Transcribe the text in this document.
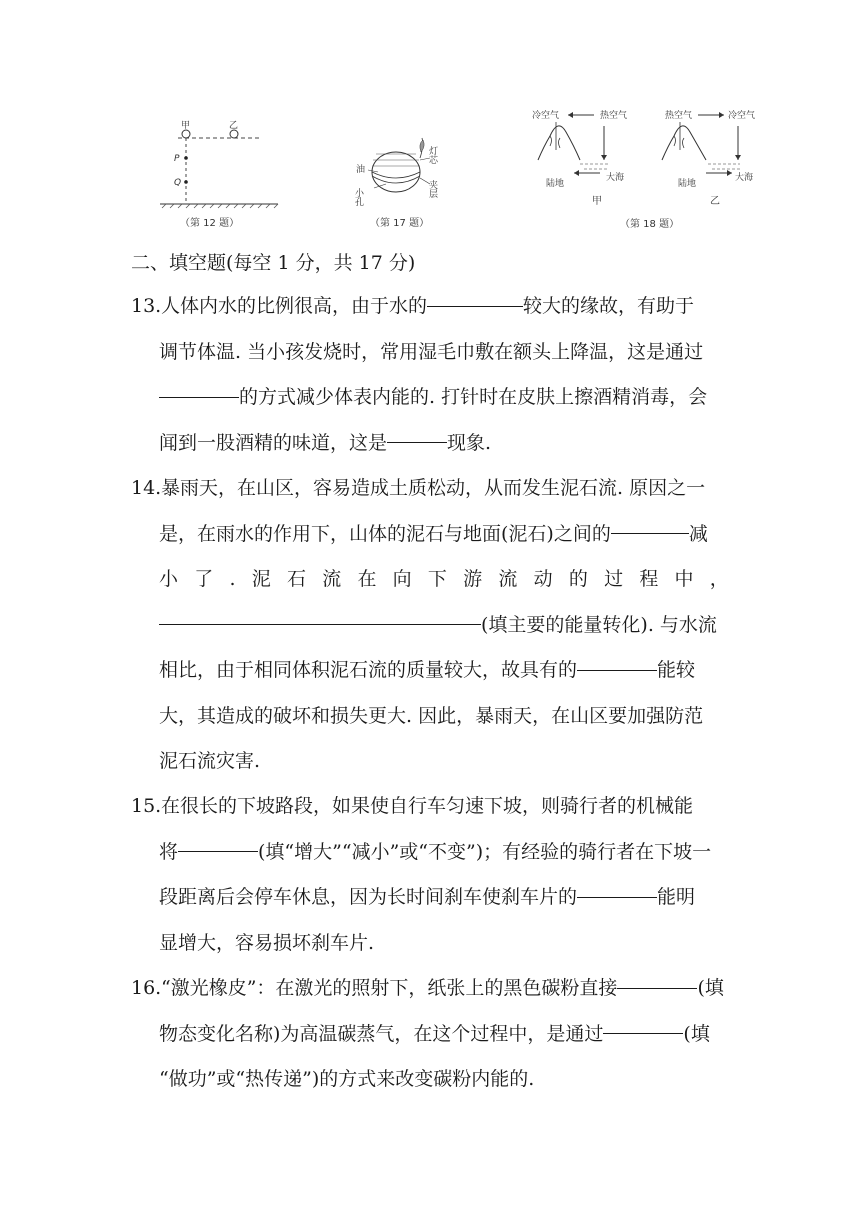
甲	乙
P
Q
（第 12 题）
油
小孔
灯芯
夹层
（第 17 题）
冷空气	热空气
陆地
大海
甲
热空气	冷空气
陆地
大海
乙
（第 18 题）
二、填空题(每空 1 分，共 17 分)
13. 人体内水的比例很高，由于水的	较大的缘故，有助于
调节体温. 当小孩发烧时，常用湿毛巾敷在额头上降温，这是通过
的方式减少体表内能的. 打针时在皮肤上擦酒精消毒，会
闻到一股酒精的味道，这是	现象.
14. 暴雨天，在山区，容易造成土质松动，从而发生泥石流. 原因之一
是，在雨水的作用下，山体的泥石与地面(泥石)之间的	减
小 了 . 泥 石 流 在 向 下 游 流 动 的 过 程 中 ，
(填主要的能量转化). 与水流
相比，由于相同体积泥石流的质量较大，故具有的	能较
大，其造成的破坏和损失更大. 因此，暴雨天，在山区要加强防范
泥石流灾害.
15. 在很长的下坡路段，如果使自行车匀速下坡，则骑行者的机械能
将	(填“增大”“减小”或“不变”)；有经验的骑行者在下坡一
段距离后会停车休息，因为长时间刹车使刹车片的	能明
显增大，容易损坏刹车片.
16. “激光橡皮”：在激光的照射下，纸张上的黑色碳粉直接	(填
物态变化名称)为高温碳蒸气，在这个过程中，是通过	(填
“做功”或“热传递”)的方式来改变碳粉内能的.
